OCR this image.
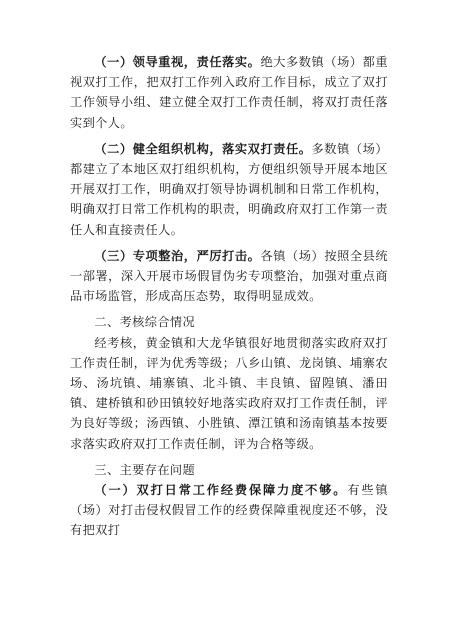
（一）领导重视，责任落实。绝大多数镇（场）都重视双打工作，把双打工作列入政府工作目标，成立了双打工作领导小组、建立健全双打工作责任制，将双打责任落实到个人。

（二）健全组织机构，落实双打责任。多数镇（场）都建立了本地区双打组织机构，方便组织领导开展本地区开展双打工作，明确双打领导协调机制和日常工作机构，明确双打日常工作机构的职责，明确政府双打工作第一责任人和直接责任人。

（三）专项整治，严厉打击。各镇（场）按照全县统一部署，深入开展市场假冒伪劣专项整治，加强对重点商品市场监管，形成高压态势，取得明显成效。

二、考核综合情况

经考核，黄金镇和大龙华镇很好地贯彻落实政府双打工作责任制，评为优秀等级；八乡山镇、龙岗镇、埔寨农场、汤坑镇、埔寨镇、北斗镇、丰良镇、留隍镇、潘田镇、建桥镇和砂田镇较好地落实政府双打工作责任制，评为良好等级；汤西镇、小胜镇、潭江镇和汤南镇基本按要求落实政府双打工作责任制，评为合格等级。

三、主要存在问题

（一）双打日常工作经费保障力度不够。有些镇（场）对打击侵权假冒工作的经费保障重视度还不够，没有把双打
